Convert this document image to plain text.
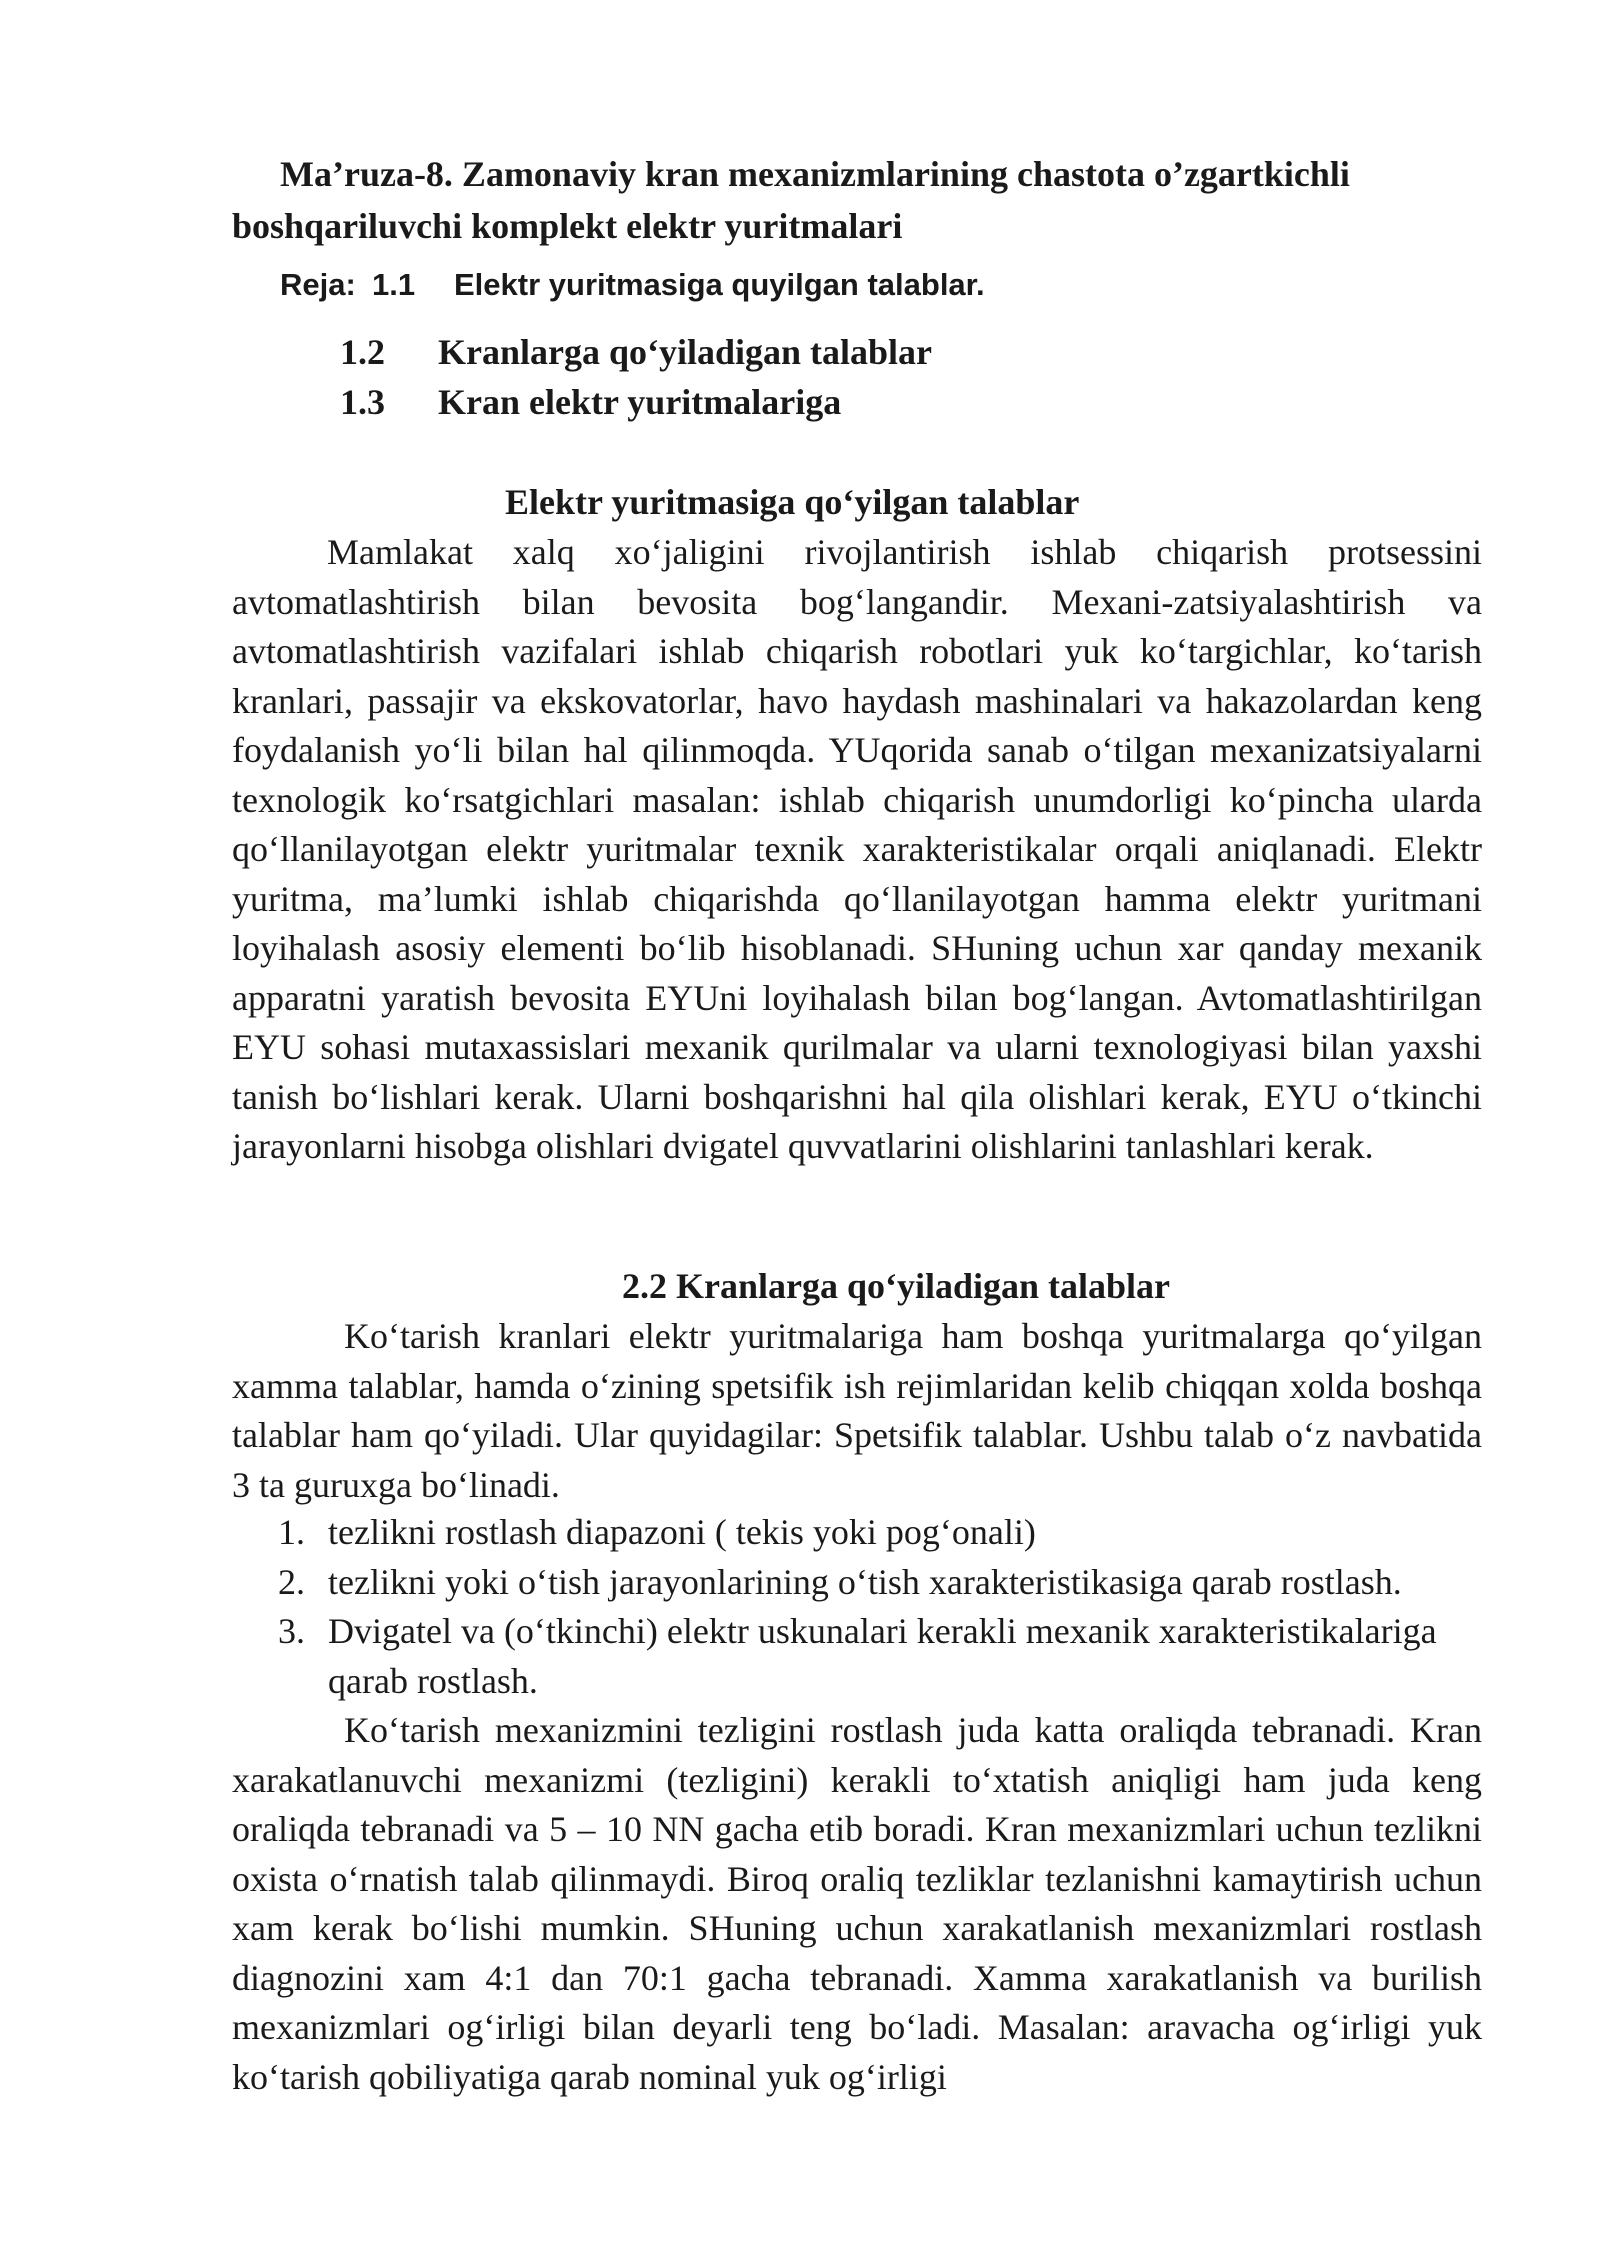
Ma’ruza-8. Zamonaviy kran mexanizmlarining chastota o’zgartkichli boshqariluvchi komplekt elektr yuritmalari

Reja: 1.1 Elektr yuritmasiga quyilgan talablar.
1.2 Kranlarga qo‘yiladigan talablar
1.3 Kran elektr yuritmalariga
Elektr yuritmasiga qo‘yilgan talablar

Mamlakat xalq xo‘jaligini rivojlantirish ishlab chiqarish protsessini avtomatlashtirish bilan bevosita bog‘langandir. Mexani-zatsiyalashtirish va avtomatlashtirish vazifalari ishlab chiqarish robotlari yuk ko‘targichlar, ko‘tarish kranlari, passajir va ekskovatorlar, havo haydash mashinalari va hakazolardan keng foydalanish yo‘li bilan hal qilinmoqda. YUqorida sanab o‘tilgan mexanizatsiyalarni texnologik ko‘rsatgichlari masalan: ishlab chiqarish unumdorligi ko‘pincha ularda qo‘llanilayotgan elektr yuritmalar texnik xarakteristikalar orqali aniqlanadi. Elektr yuritma, ma’lumki ishlab chiqarishda qo‘llanilayotgan hamma elektr yuritmani loyihalash asosiy elementi bo‘lib hisoblanadi. SHuning uchun xar qanday mexanik apparatni yaratish bevosita EYUni loyihalash bilan bog‘langan. Avtomatlashtirilgan EYU sohasi mutaxassislari mexanik qurilmalar va ularni texnologiyasi bilan yaxshi tanish bo‘lishlari kerak. Ularni boshqarishni hal qila olishlari kerak, EYU o‘tkinchi jarayonlarni hisobga olishlari dvigatel quvvatlarini olishlarini tanlashlari kerak.

2.2 Kranlarga qo‘yiladigan talablar

Ko‘tarish kranlari elektr yuritmalariga ham boshqa yuritmalarga qo‘yilgan xamma talablar, hamda o‘zining spetsifik ish rejimlaridan kelib chiqqan xolda boshqa talablar ham qo‘yiladi. Ular quyidagilar: Spetsifik talablar. Ushbu talab o‘z navbatida 3 ta guruxga bo‘linadi.

1. tezlikni rostlash diapazoni ( tekis yoki pog‘onali)
2. tezlikni yoki o‘tish jarayonlarining o‘tish xarakteristikasiga qarab rostlash.
3. Dvigatel va (o‘tkinchi) elektr uskunalari kerakli mexanik xarakteristikalariga qarab rostlash.

Ko‘tarish mexanizmini tezligini rostlash juda katta oraliqda tebranadi. Kran xarakatlanuvchi mexanizmi (tezligini) kerakli to‘xtatish aniqligi ham juda keng oraliqda tebranadi va 5 – 10 NN gacha etib boradi. Kran mexanizmlari uchun tezlikni oxista o‘rnatish talab qilinmaydi. Biroq oraliq tezliklar tezlanishni kamaytirish uchun xam kerak bo‘lishi mumkin. SHuning uchun xarakatlanish mexanizmlari rostlash diagnozini xam 4:1 dan 70:1 gacha tebranadi. Xamma xarakatlanish va burilish mexanizmlari og‘irligi bilan deyarli teng bo‘ladi. Masalan: aravacha og‘irligi yuk ko‘tarish qobiliyatiga qarab nominal yuk og‘irligi
